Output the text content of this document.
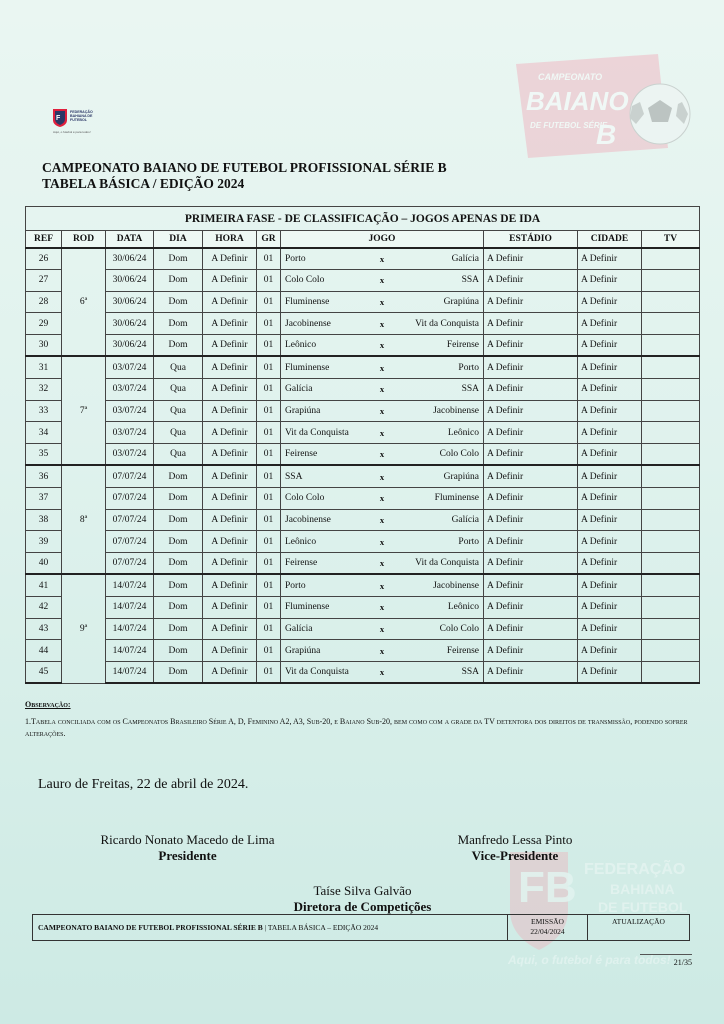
CAMPEONATO
BAIANO
DE FUTEBOL SÉRIE
B
FB FEDERAÇÃO
BAHIANA
DE FUTEBOL
Aqui, o futebol é para todos!
F
FEDERAÇÃO BAHIANA DE FUTEBOL
Aqui, o futebol é para todos!
CAMPEONATO BAIANO DE FUTEBOL PROFISSIONAL SÉRIE B
TABELA BÁSICA / EDIÇÃO 2024
PRIMEIRA FASE - DE CLASSIFICAÇÃO – JOGOS APENAS DE IDA									
REF	ROD	DATA	DIA	HORA	GR	JOGO	ESTÁDIO	CIDADE	TV
26	6ª	30/06/24	Dom	A Definir	01	Porto x Galícia	A Definir	A Definir	
27		30/06/24	Dom	A Definir	01	Colo Colo x SSA	A Definir	A Definir	
28		30/06/24	Dom	A Definir	01	Fluminense x Grapiúna	A Definir	A Definir	
29		30/06/24	Dom	A Definir	01	Jacobinense x Vit da Conquista	A Definir	A Definir	
30		30/06/24	Dom	A Definir	01	Leônico x Feirense	A Definir	A Definir	
31	7ª	03/07/24	Qua	A Definir	01	Fluminense x Porto	A Definir	A Definir	
32		03/07/24	Qua	A Definir	01	Galícia x SSA	A Definir	A Definir	
33		03/07/24	Qua	A Definir	01	Grapiúna x Jacobinense	A Definir	A Definir	
34		03/07/24	Qua	A Definir	01	Vit da Conquista x Leônico	A Definir	A Definir	
35		03/07/24	Qua	A Definir	01	Feirense x Colo Colo	A Definir	A Definir	
36	8ª	07/07/24	Dom	A Definir	01	SSA x Grapiúna	A Definir	A Definir	
37		07/07/24	Dom	A Definir	01	Colo Colo x Fluminense	A Definir	A Definir	
38		07/07/24	Dom	A Definir	01	Jacobinense x Galícia	A Definir	A Definir	
39		07/07/24	Dom	A Definir	01	Leônico x Porto	A Definir	A Definir	
40		07/07/24	Dom	A Definir	01	Feirense x Vit da Conquista	A Definir	A Definir	
41	9ª	14/07/24	Dom	A Definir	01	Porto x Jacobinense	A Definir	A Definir	
42		14/07/24	Dom	A Definir	01	Fluminense x Leônico	A Definir	A Definir	
43		14/07/24	Dom	A Definir	01	Galícia x Colo Colo	A Definir	A Definir	
44		14/07/24	Dom	A Definir	01	Grapiúna x Feirense	A Definir	A Definir	
45		14/07/24	Dom	A Definir	01	Vit da Conquista x SSA	A Definir	A Definir	
Observação:
1.Tabela conciliada com os Campeonatos Brasileiro Série A, D, Feminino A2, A3, Sub-20, e Baiano Sub-20, bem como com a grade da TV detentora dos direitos de transmissão, podendo sofrer alterações.
Lauro de Freitas, 22 de abril de 2024.
Ricardo Nonato Macedo de Lima
Presidente
Manfredo Lessa Pinto
Vice-Presidente
Taíse Silva Galvão
Diretora de Competições
CAMPEONATO BAIANO DE FUTEBOL PROFISSIONAL SÉRIE B | TABELA BÁSICA – EDIÇÃO 2024
EMISSÃO
22/04/2024
ATUALIZAÇÃO
21/35
